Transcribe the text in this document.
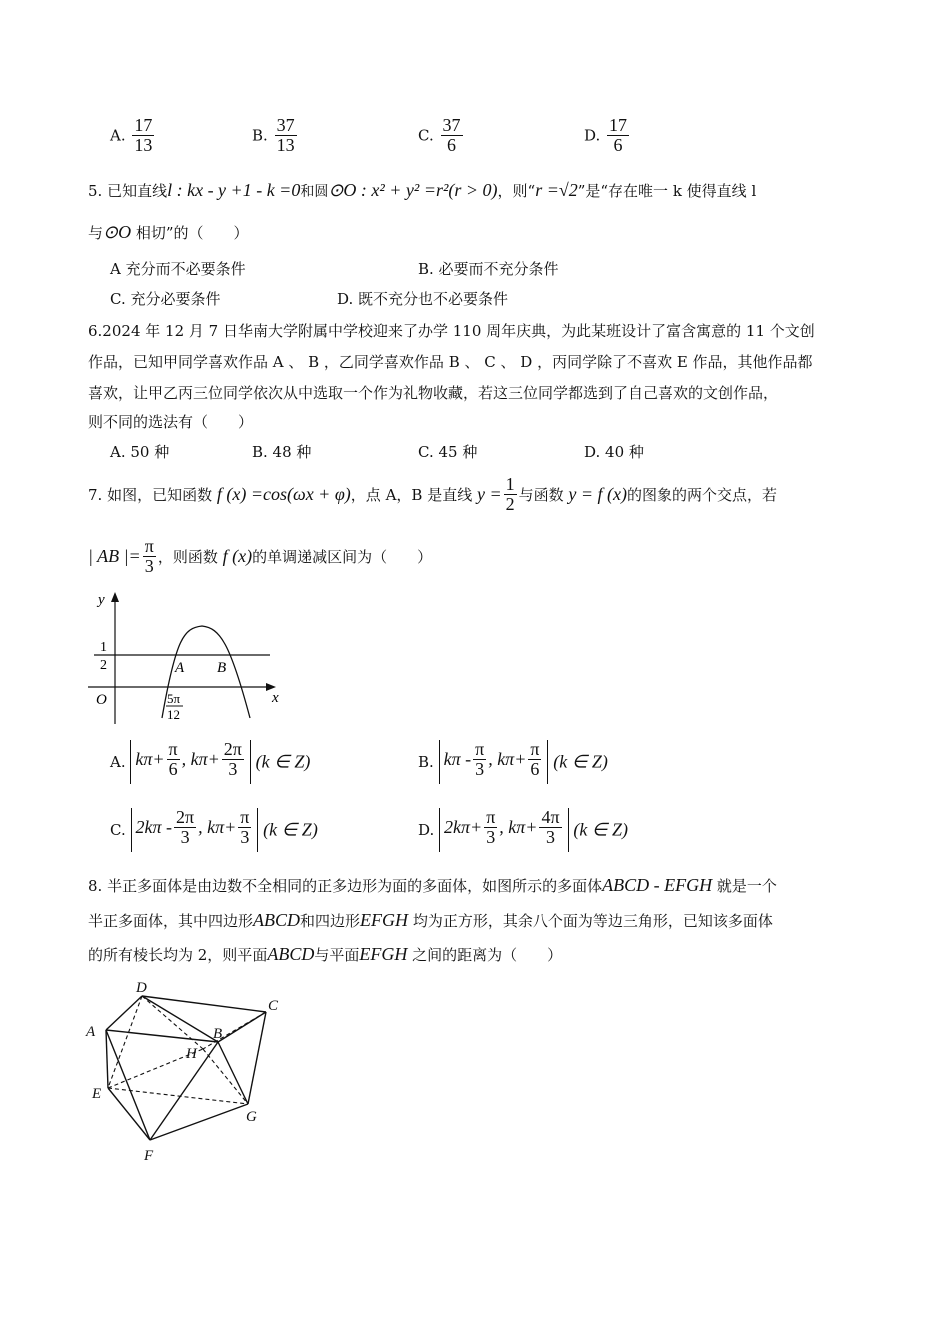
A. $\frac{17}{13}$	B. $\frac{37}{13}$	C. $\frac{37}{6}$	D. $\frac{17}{6}$
5. 已知直线l : kx - y +1 - k =0和圆⊙O : x² + y² =r²(r > 0)，则“r =√2”是“存在唯一 k 使得直线 l
与⊙O 相切”的（　　）
A 充分而不必要条件	B. 必要而不充分条件
C. 充分必要条件	D. 既不充分也不必要条件
6.2024 年 12 月 7 日华南大学附属中学校迎来了办学 110 周年庆典，为此某班设计了富含寓意的 11 个文创
作品，已知甲同学喜欢作品 A 、 B ，乙同学喜欢作品 B 、 C 、 D ，丙同学除了不喜欢 E 作品，其他作品都
喜欢，让甲乙丙三位同学依次从中选取一个作为礼物收藏，若这三位同学都选到了自己喜欢的文创作品，
则不同的选法有（　　）
A. 50 种	B. 48 种	C. 45 种	D. 40 种
7. 如图，已知函数 f (x) =cos(ωx + φ)，点 A，B 是直线 $y = \frac{1}{2}$ 与函数 y = f (x)的图象的两个交点，若
| AB |= $\frac{\pi}{3}$ ，则函数 f (x)的单调递减区间为（　　）
y
x
O
1
2	A B
5π
12
A. $k\pi+ \frac{\pi}{6}$ , $k\pi+ \frac{2\pi}{3} (k$ ∈ Z)	B. kπ - $\frac{\pi}{3}$ , $k\pi+ \frac{\pi}{6} (k$ ∈ Z)
C. $2k\pi - \frac{2\pi}{3}$ , $k\pi+ \frac{\pi}{3} (k$ ∈ Z)	D. $2k\pi+ \frac{\pi}{3}$ , $k\pi+ \frac{4\pi}{3} (k$ ∈ Z)
8. 半正多面体是由边数不全相同的正多边形为面的多面体，如图所示的多面体ABCD - EFGH 就是一个
半正多面体，其中四边形ABCD和四边形EFGH 均为正方形，其余八个面为等边三角形，已知该多面体
的所有棱长均为 2，则平面ABCD与平面EFGH 之间的距离为（　　）
A
D
C
B
H
E
G
F
